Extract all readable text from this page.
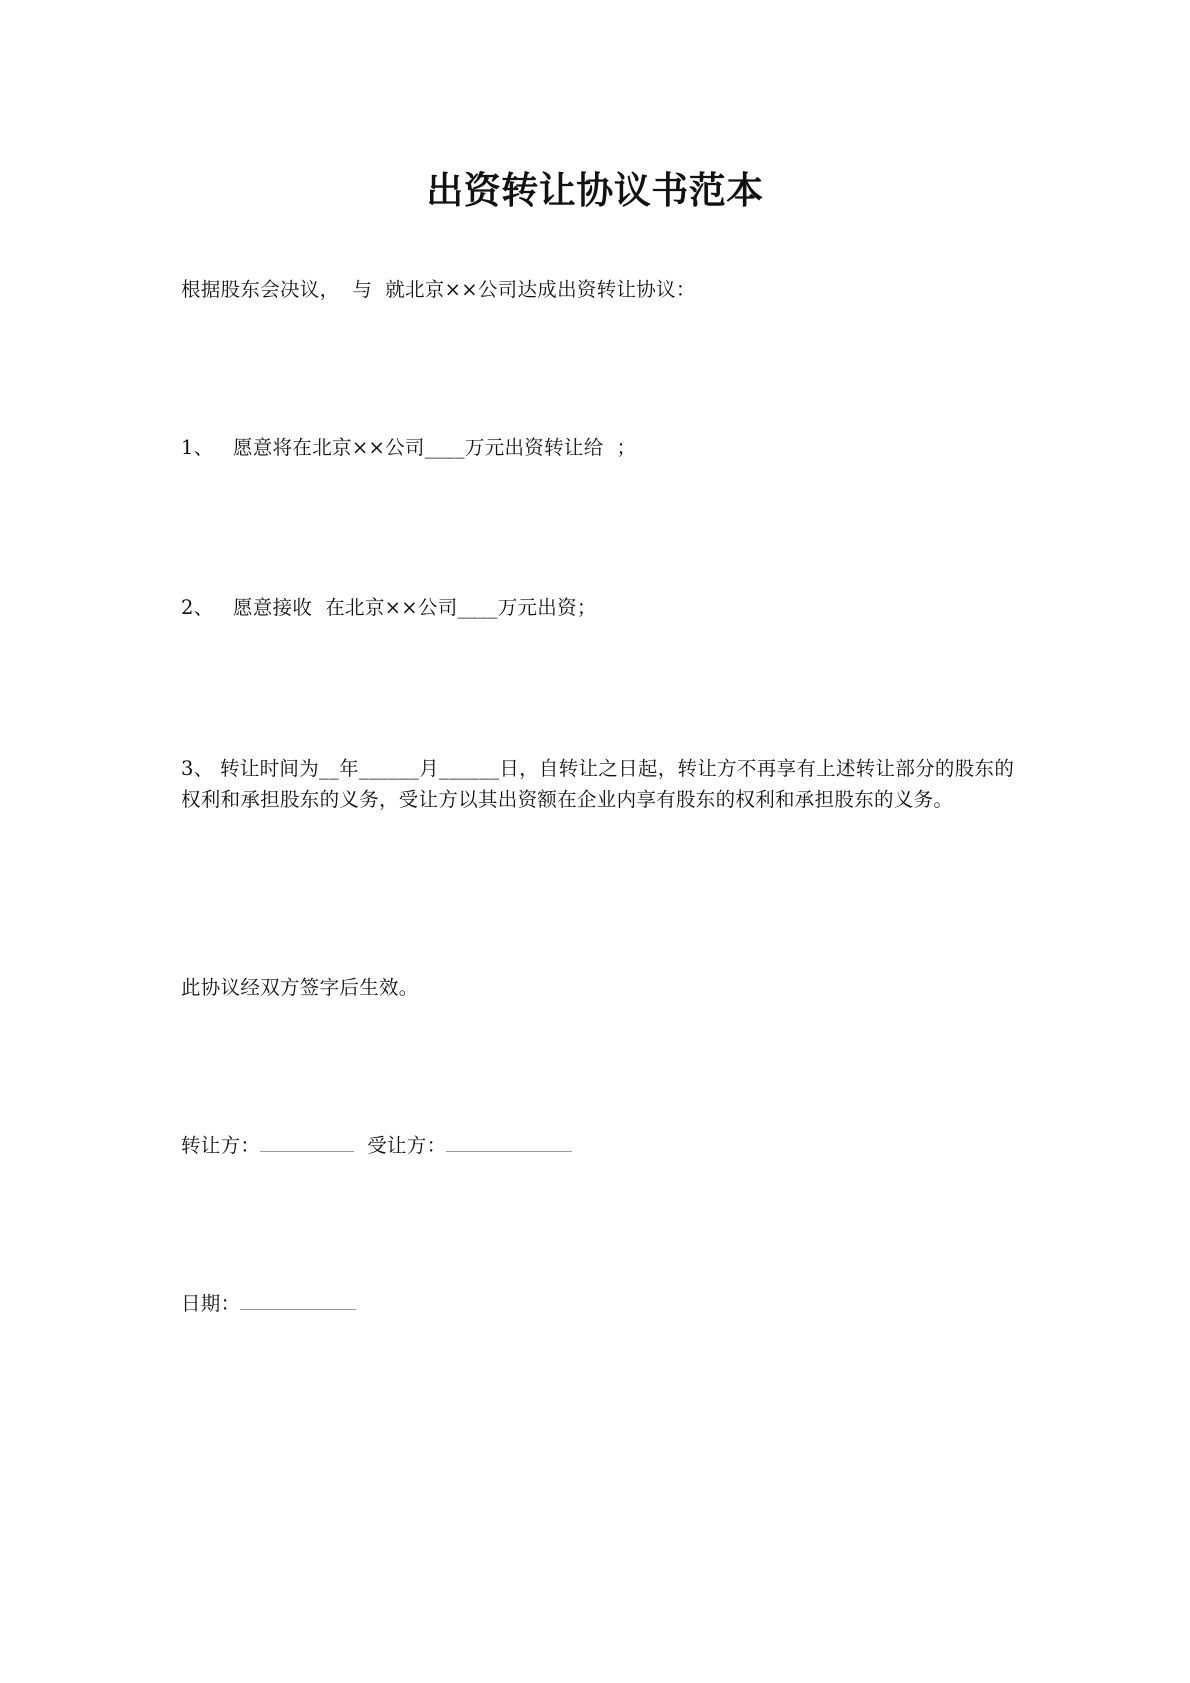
出资转让协议书范本
根据股东会决议，  与  就北京××公司达成出资转让协议：
1、 愿意将在北京××公司____万元出资转让给  ；
2、 愿意接收  在北京××公司____万元出资；
3、 转让时间为__年______月______日，自转让之日起，转让方不再享有上述转让部分的股东的权利和承担股东的义务，受让方以其出资额在企业内享有股东的权利和承担股东的义务。
此协议经双方签字后生效。
转让方：	受让方：
日期：
